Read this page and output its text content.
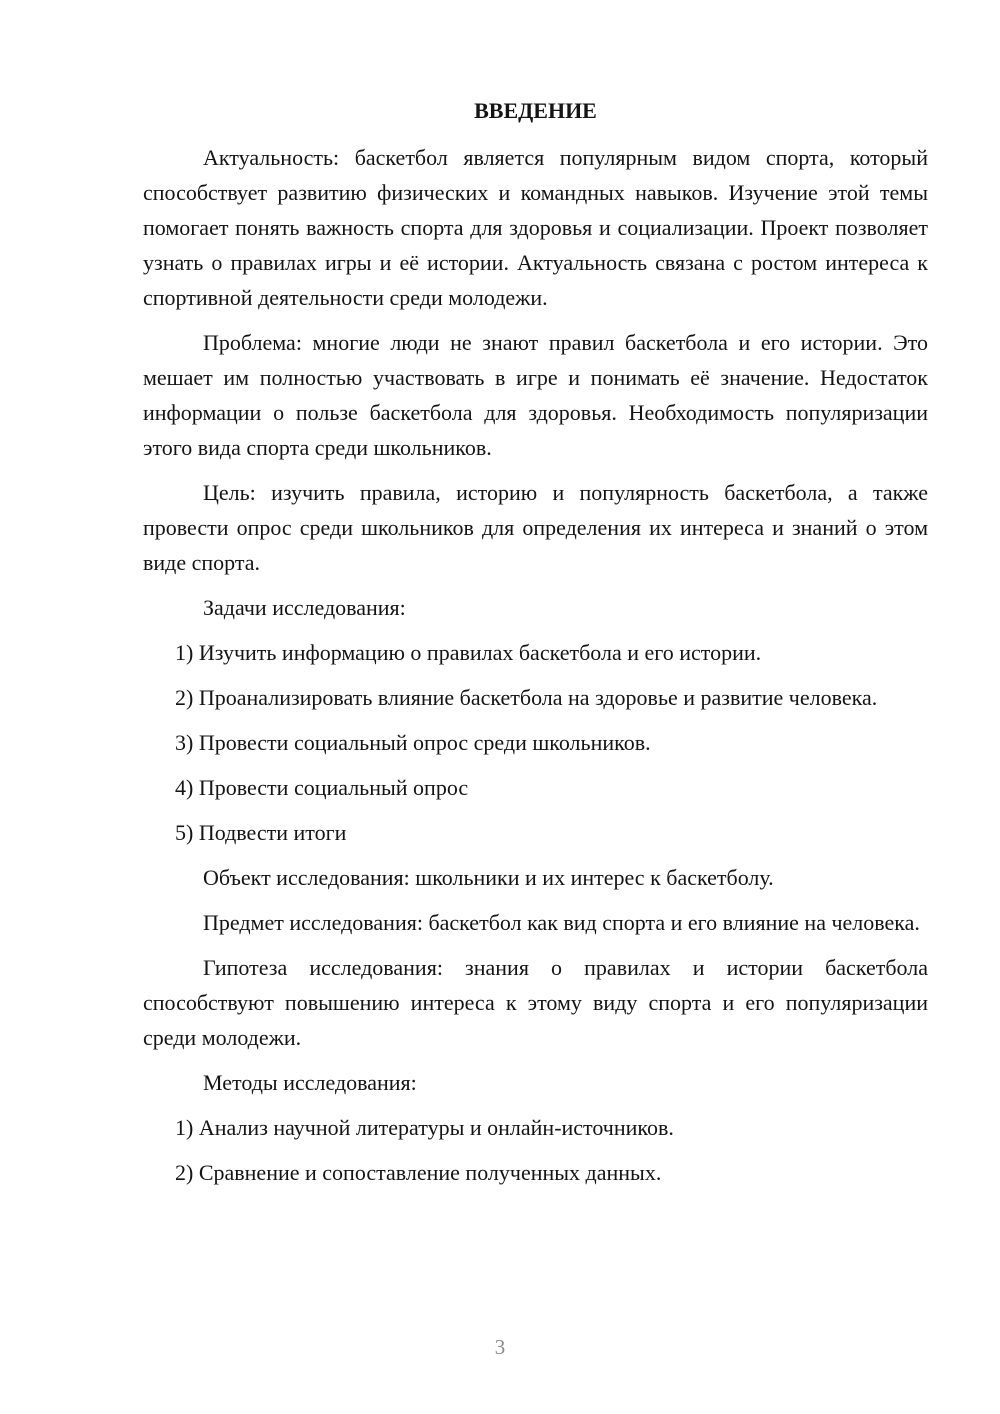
ВВЕДЕНИЕ

Актуальность: баскетбол является популярным видом спорта, который способствует развитию физических и командных навыков. Изучение этой темы помогает понять важность спорта для здоровья и социализации. Проект позволяет узнать о правилах игры и её истории. Актуальность связана с ростом интереса к спортивной деятельности среди молодежи.

Проблема: многие люди не знают правил баскетбола и его истории. Это мешает им полностью участвовать в игре и понимать её значение. Недостаток информации о пользе баскетбола для здоровья. Необходимость популяризации этого вида спорта среди школьников.

Цель: изучить правила, историю и популярность баскетбола, а также провести опрос среди школьников для определения их интереса и знаний о этом виде спорта.

Задачи исследования:

1) Изучить информацию о правилах баскетбола и его истории.

2) Проанализировать влияние баскетбола на здоровье и развитие человека.

3) Провести социальный опрос среди школьников.

4) Провести социальный опрос

5) Подвести итоги

Объект исследования: школьники и их интерес к баскетболу.

Предмет исследования: баскетбол как вид спорта и его влияние на человека.

Гипотеза исследования: знания о правилах и истории баскетбола способствуют повышению интереса к этому виду спорта и его популяризации среди молодежи.

Методы исследования:

1) Анализ научной литературы и онлайн-источников.

2) Сравнение и сопоставление полученных данных.

3
